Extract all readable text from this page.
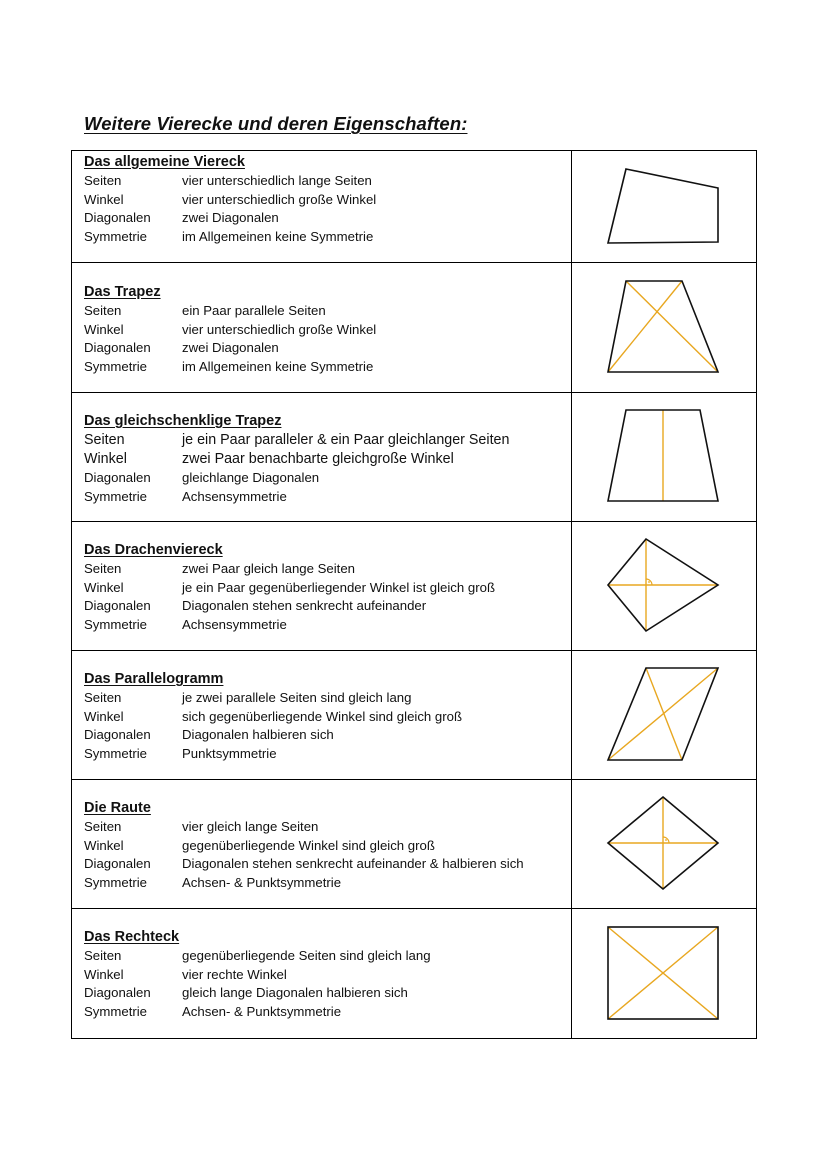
Weitere Vierecke und deren Eigenschaften:
Das allgemeine Viereck
Seiten	vier unterschiedlich lange Seiten
Winkel	vier unterschiedlich große Winkel
Diagonalen zwei Diagonalen
Symmetrie	im Allgemeinen keine Symmetrie
Das Trapez
Seiten	ein Paar parallele Seiten
Winkel	vier unterschiedlich große Winkel
Diagonalen zwei Diagonalen
Symmetrie	im Allgemeinen keine Symmetrie
Das gleichschenklige Trapez
Seiten	je ein Paar paralleler & ein Paar gleichlanger Seiten
Winkel	zwei Paar benachbarte gleichgroße Winkel
Diagonalen gleichlange Diagonalen
Symmetrie	Achsensymmetrie
Das Drachenviereck
Seiten	zwei Paar gleich lange Seiten
Winkel	je ein Paar gegenüberliegender Winkel ist gleich groß
Diagonalen Diagonalen stehen senkrecht aufeinander
Symmetrie	Achsensymmetrie
Das Parallelogramm
Seiten	je zwei parallele Seiten sind gleich lang
Winkel	sich gegenüberliegende Winkel sind gleich groß
Diagonalen Diagonalen halbieren sich
Symmetrie	Punktsymmetrie
Die Raute
Seiten	vier gleich lange Seiten
Winkel	gegenüberliegende Winkel sind gleich groß
Diagonalen Diagonalen stehen senkrecht aufeinander & halbieren sich
Symmetrie	Achsen- & Punktsymmetrie
Das Rechteck
Seiten	gegenüberliegende Seiten sind gleich lang
Winkel	vier rechte Winkel
Diagonalen gleich lange Diagonalen halbieren sich
Symmetrie	Achsen- & Punktsymmetrie
